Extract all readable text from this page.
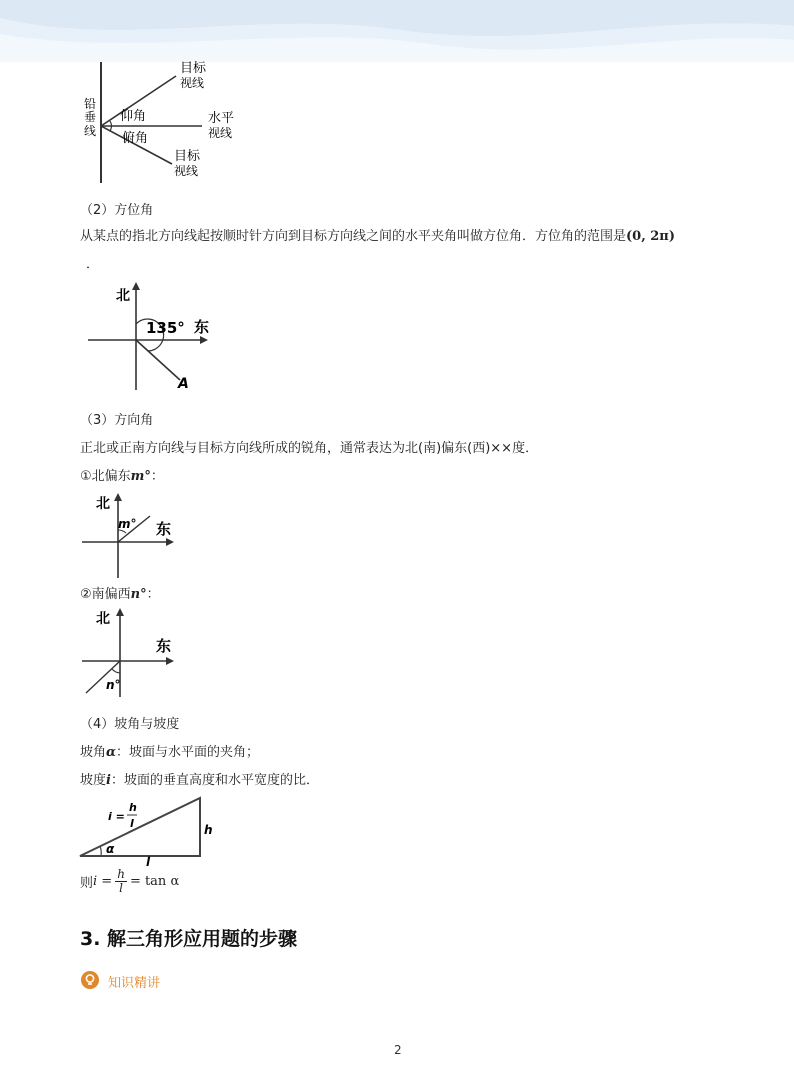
目标
视线
铅
垂
线
仰角
俯角
水平
视线
目标
视线
（2）方位角
从某点的指北方向线起按顺时针方向到目标方向线之间的水平夹角叫做方位角．方位角的范围是(0, 2π)
．
北
135° 东
A
（3）方向角
正北或正南方向线与目标方向线所成的锐角，通常表达为北(南)偏东(西)××度．
①北偏东m°：
北
m° 东
②南偏西n°：
北
东
n°
（4）坡角与坡度
坡角α：坡面与水平面的夹角；
坡度i：坡面的垂直高度和水平宽度的比．
i =
h
l	h
α
l
则 $i = \frac{h}{l} = \tan \alpha$
3. 解三角形应用题的步骤
知识精讲
2
